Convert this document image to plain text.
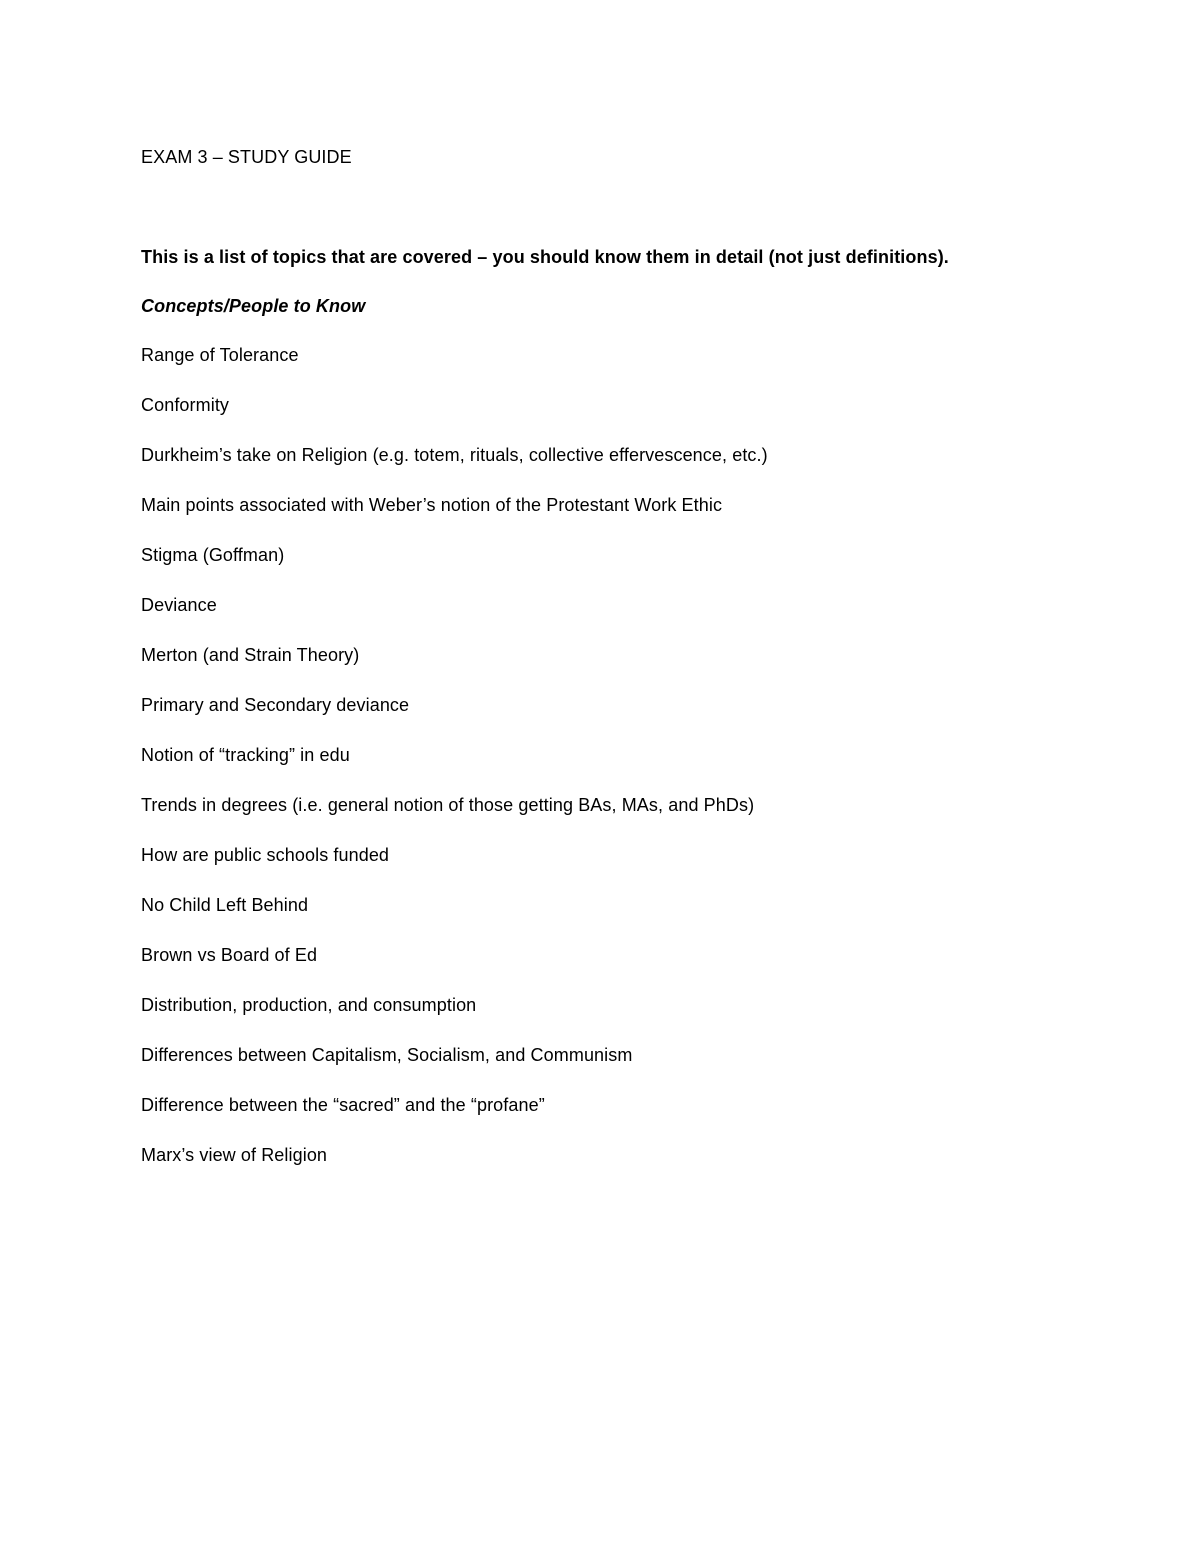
EXAM 3 – STUDY GUIDE
This is a list of topics that are covered – you should know them in detail (not just definitions).
Concepts/People to Know
Range of Tolerance
Conformity
Durkheim’s take on Religion (e.g. totem, rituals, collective effervescence, etc.)
Main points associated with Weber’s notion of the Protestant Work Ethic
Stigma (Goffman)
Deviance
Merton (and Strain Theory)
Primary and Secondary deviance
Notion of “tracking” in edu
Trends in degrees (i.e. general notion of those getting BAs, MAs, and PhDs)
How are public schools funded
No Child Left Behind
Brown vs Board of Ed
Distribution, production, and consumption
Differences between Capitalism, Socialism, and Communism
Difference between the “sacred” and the “profane”
Marx’s view of Religion
